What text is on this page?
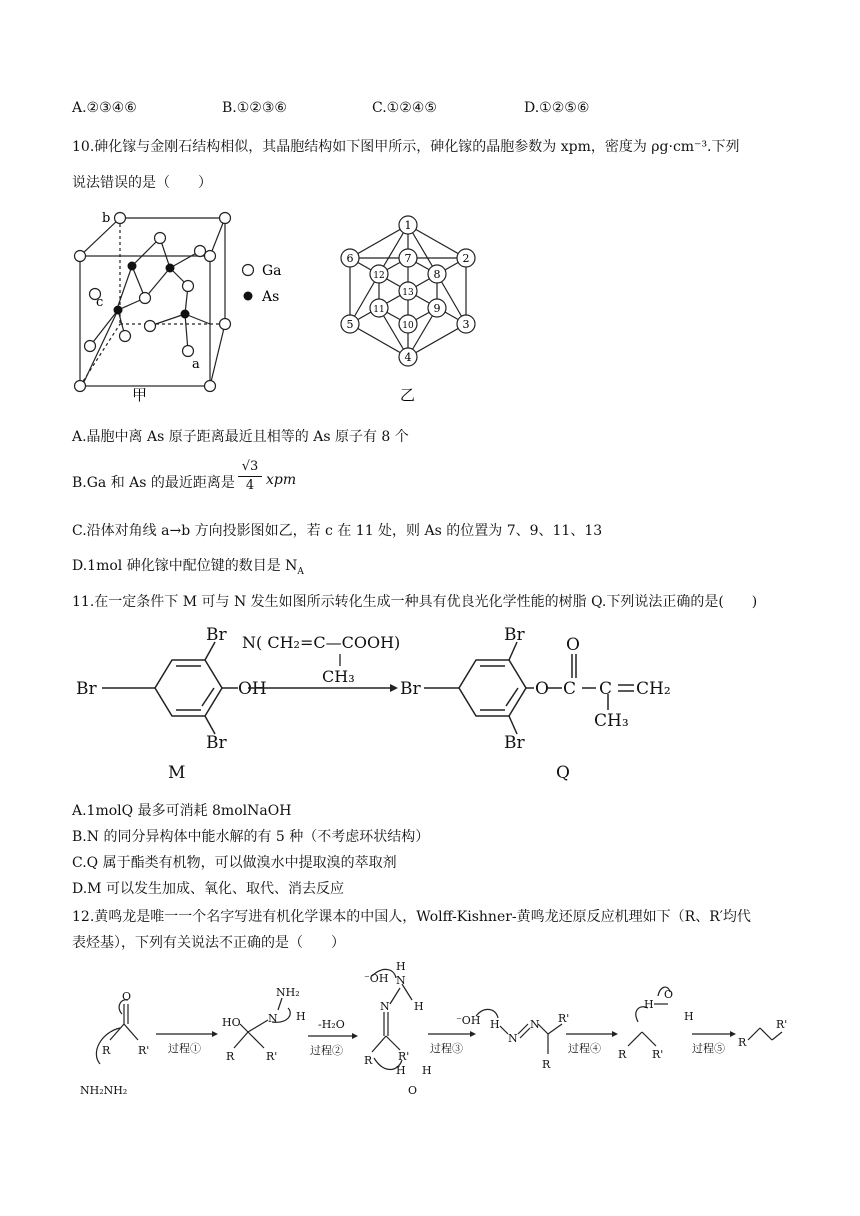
A.②③④⑥	B.①②③⑥	C.①②④⑤	D.①②⑤⑥
10.砷化镓与金刚石结构相似，其晶胞结构如下图甲所示，砷化镓的晶胞参数为 xpm，密度为 ρg·cm⁻³.下列
说法错误的是（　　）
b
c
a
Ga
As
甲
1
2
3
4
5
6	7
8
9
10
11
12
13
乙
A.晶胞中离 As 原子距离最近且相等的 As 原子有 8 个
B.Ga 和 As 的最近距离是 $\frac{√3}{4}$ xpm
C.沿体对角线 a→b 方向投影图如乙，若 c 在 11 处，则 As 的位置为 7、9、11、13
D.1mol 砷化镓中配位键的数目是 $N_A$
11.在一定条件下 M 可与 N 发生如图所示转化生成一种具有优良光化学性能的树脂 Q.下列说法正确的是(　　)
Br
Br
Br
OH
M
N( CH₂=C—COOH)
CH₃
Br
Br
Br
O C
O
C CH₂
CH₃
Q
A.1molQ 最多可消耗 8molNaOH
B.N 的同分异构体中能水解的有 5 种（不考虑环状结构）
C.Q 属于酯类有机物，可以做溴水中提取溴的萃取剂
D.M 可以发生加成、氧化、取代、消去反应
12.黄鸣龙是唯一一个名字写进有机化学课本的中国人，Wolff-Kishner-黄鸣龙还原反应机理如下（R、R′均代
表烃基），下列有关说法不正确的是（　　）
O
R	R'
NH₂NH₂
过程①
HO N H
NH₂
R	R'
-H₂O
过程②
⁻OH
N
N
H
H
R R'
H H
O
过程③
⁻OH H
N
N R'
R
过程④ R R'
H
O
H
过程⑤ R
R'
